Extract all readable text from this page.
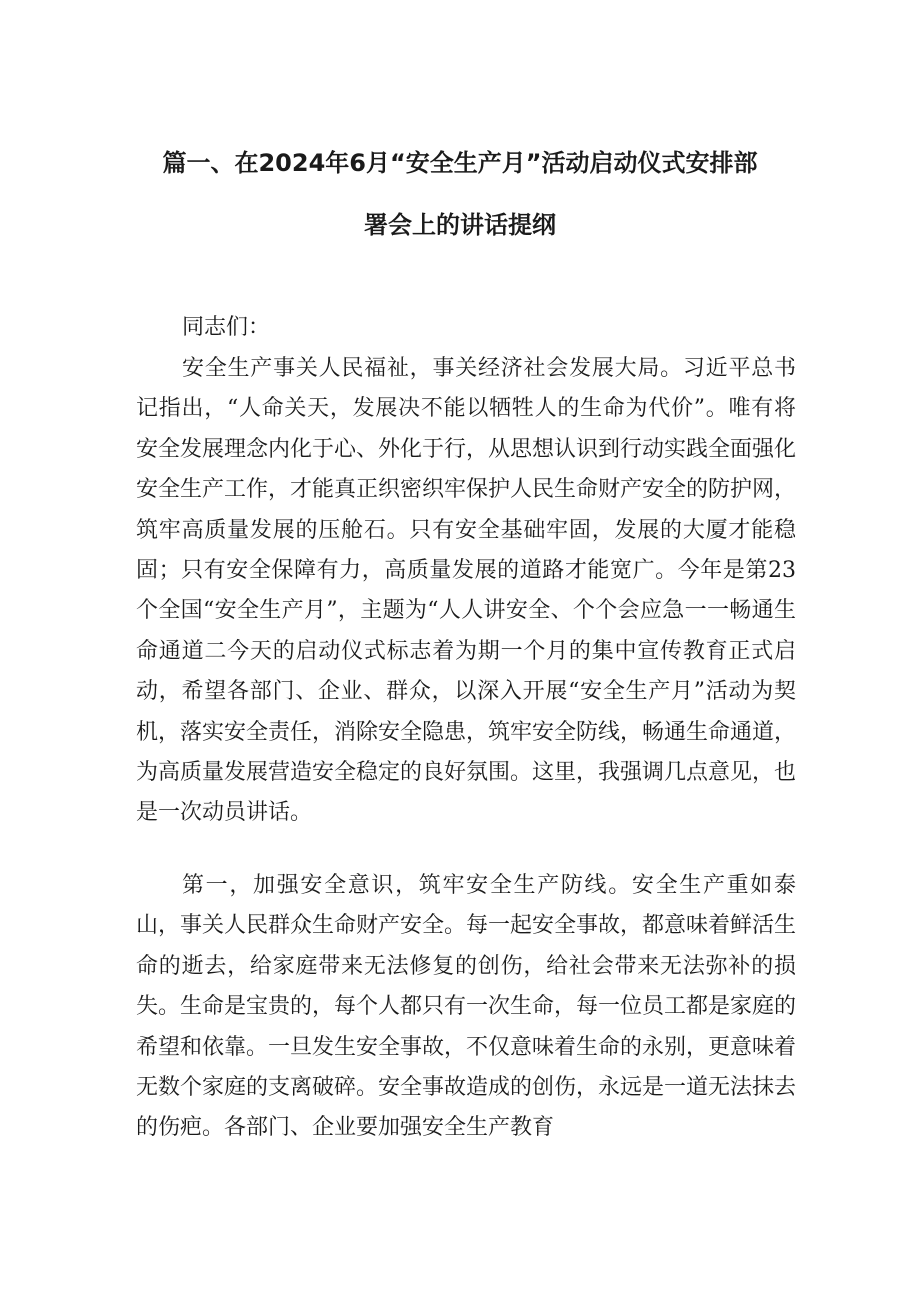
篇一、在2024年6月“安全生产月”活动启动仪式安排部
署会上的讲话提纲
同志们：

安全生产事关人民福祉，事关经济社会发展大局。习近平总书记指出，“人命关天，发展决不能以牺牲人的生命为代价”。唯有将安全发展理念内化于心、外化于行，从思想认识到行动实践全面强化安全生产工作，才能真正织密织牢保护人民生命财产安全的防护网，筑牢高质量发展的压舱石。只有安全基础牢固，发展的大厦才能稳固；只有安全保障有力，高质量发展的道路才能宽广。今年是第23个全国“安全生产月”，主题为“人人讲安全、个个会应急一一畅通生命通道二今天的启动仪式标志着为期一个月的集中宣传教育正式启动，希望各部门、企业、群众，以深入开展“安全生产月”活动为契机，落实安全责任，消除安全隐患，筑牢安全防线，畅通生命通道，为高质量发展营造安全稳定的良好氛围。这里，我强调几点意见，也是一次动员讲话。

第一，加强安全意识，筑牢安全生产防线。安全生产重如泰山，事关人民群众生命财产安全。每一起安全事故，都意味着鲜活生命的逝去，给家庭带来无法修复的创伤，给社会带来无法弥补的损失。生命是宝贵的，每个人都只有一次生命，每一位员工都是家庭的希望和依靠。一旦发生安全事故，不仅意味着生命的永别，更意味着无数个家庭的支离破碎。安全事故造成的创伤，永远是一道无法抹去的伤疤。各部门、企业要加强安全生产教育
